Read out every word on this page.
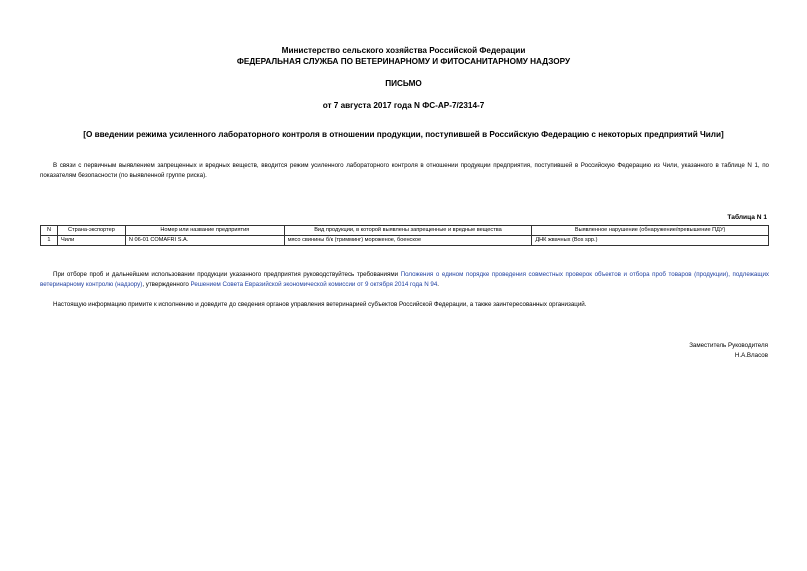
Министерство сельского хозяйства Российской Федерации
ФЕДЕРАЛЬНАЯ СЛУЖБА ПО ВЕТЕРИНАРНОМУ И ФИТОСАНИТАРНОМУ НАДЗОРУ
ПИСЬМО
от 7 августа 2017 года N ФС-АР-7/2314-7
[О введении режима усиленного лабораторного контроля в отношении продукции, поступившей в Российскую Федерацию с некоторых предприятий Чили]
В связи с первичным выявлением запрещенных и вредных веществ, вводится режим усиленного лабораторного контроля в отношении продукции предприятия, поступившей в Российскую Федерацию из Чили, указанного в таблице N 1, по показателям безопасности (по выявленной группе риска).
Таблица N 1
N	Страна-экспортер	Номер или название предприятия	Вид продукции, в которой выявлены запрещенные и вредные вещества	Выявленное нарушение (обнаружение/превышение ПДУ)
1	Чили	N 06-01 COMAFRI S.A.	мясо свинины б/к (тримминг) мороженое, боенское	ДНК жвачных (Bos spp.)
При отборе проб и дальнейшем использовании продукции указанного предприятия руководствуйтесь требованиями Положения о едином порядке проведения совместных проверок объектов и отбора проб товаров (продукции), подлежащих ветеринарному контролю (надзору), утвержденного Решением Совета Евразийской экономической комиссии от 9 октября 2014 года N 94.
Настоящую информацию примите к исполнению и доведите до сведения органов управления ветеринарией субъектов Российской Федерации, а также заинтересованных организаций.
Заместитель Руководителя
Н.А.Власов
